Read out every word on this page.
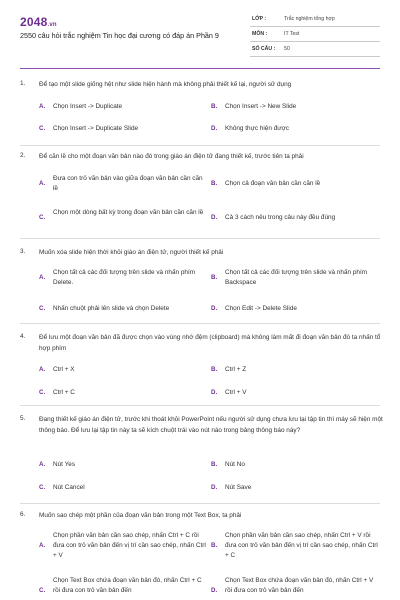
2048.vn
2550 câu hỏi trắc nghiệm Tin học đại cương có đáp án Phần 9
LỚP :	Trắc nghiệm tổng hợp
MÔN :	IT Test
SỐ CÂU : 50
1. Để tạo một slide giống hệt như slide hiện hành mà không phải thiết kế lại, người sử dụng
A. Chọn Insert -> Duplicate	B. Chọn Insert -> New Slide
C. Chọn Insert -> Duplicate Slide	D. Không thực hiện được
2. Để căn lề cho một đoạn văn bản nào đó trong giáo án điện tử đang thiết kế, trước tiên ta phải
A.
Đưa con trỏ văn bản vào giữa đoạn văn bản cần căn lề
B. Chọn cả đoạn văn bản cần căn lề
C.
Chọn một dòng bất kỳ trong đoạn văn bản cần căn lề
D. Cả 3 cách nêu trong câu này đều đúng
3. Muốn xóa slide hiện thời khỏi giáo án điện tử, người thiết kế phải
A.
Chọn tất cả các đối tượng trên slide và nhấn phím Delete.
B.
Chọn tất cả các đối tượng trên slide và nhấn phím Backspace
C. Nhấn chuột phải lên slide và chọn Delete	D. Chọn Edit -> Delete Slide
4. Để lưu một đoạn văn bản đã được chọn vào vùng nhớ đệm (clipboard) mà không làm mất đi đoạn văn bản đó ta nhấn tổ hợp phím
A. Ctrl + X	B. Ctrl + Z
C. Ctrl + C	D. Ctrl + V
5. Đang thiết kế giáo án điện tử, trước khi thoát khỏi PowerPoint nếu người sử dụng chưa lưu lại tập tin thì máy sẽ hiện một thông báo. Để lưu lại tập tin này ta sẽ kích chuột trái vào nút nào trong bảng thông báo này?
A. Nút Yes	B. Nút No
C. Nút Cancel	D. Nút Save
6. Muốn sao chép một phần của đoạn văn bản trong một Text Box, ta phải
A.
Chọn phần văn bản cần sao chép, nhấn Ctrl + C rồi đưa con trỏ văn bản đến vị trí cần sao chép, nhấn Ctrl + V
B.
Chọn phần văn bản cần sao chép, nhấn Ctrl + V rồi đưa con trỏ văn bản đến vị trí cần sao chép, nhấn Ctrl + C
C.
Chọn Text Box chứa đoạn văn bản đó, nhấn Ctrl + C rồi đưa con trỏ văn bản đến	D.
Chọn Text Box chứa đoạn văn bản đó, nhấn Ctrl + V rồi đưa con trỏ văn bản đến
